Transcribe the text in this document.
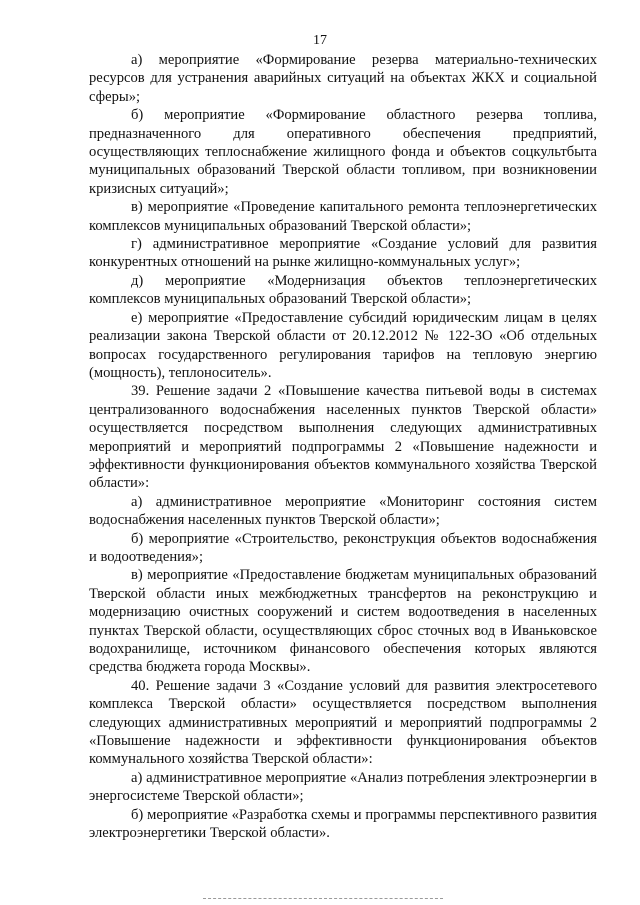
17

а) мероприятие «Формирование резерва материально-технических ресурсов для устранения аварийных ситуаций на объектах ЖКХ и социальной сферы»;

б) мероприятие «Формирование областного резерва топлива, предназначенного для оперативного обеспечения предприятий, осуществляющих теплоснабжение жилищного фонда и объектов соцкультбыта муниципальных образований Тверской области топливом, при возникновении кризисных ситуаций»;

в) мероприятие «Проведение капитального ремонта теплоэнергетических комплексов муниципальных образований Тверской области»;

г) административное мероприятие «Создание условий для развития конкурентных отношений на рынке жилищно-коммунальных услуг»;

д) мероприятие «Модернизация объектов теплоэнергетических комплексов муниципальных образований Тверской области»;

е) мероприятие «Предоставление субсидий юридическим лицам в целях реализации закона Тверской области от 20.12.2012 № 122-ЗО «Об отдельных вопросах государственного регулирования тарифов на тепловую энергию (мощность), теплоноситель».

39. Решение задачи 2 «Повышение качества питьевой воды в системах централизованного водоснабжения населенных пунктов Тверской области» осуществляется посредством выполнения следующих административных мероприятий и мероприятий подпрограммы 2 «Повышение надежности и эффективности функционирования объектов коммунального хозяйства Тверской области»:

а) административное мероприятие «Мониторинг состояния систем водоснабжения населенных пунктов Тверской области»;

б) мероприятие «Строительство, реконструкция объектов водоснабжения и водоотведения»;

в) мероприятие «Предоставление бюджетам муниципальных образований Тверской области иных межбюджетных трансфертов на реконструкцию и модернизацию очистных сооружений и систем водоотведения в населенных пунктах Тверской области, осуществляющих сброс сточных вод в Иваньковское водохранилище, источником финансового обеспечения которых являются средства бюджета города Москвы».

40. Решение задачи 3 «Создание условий для развития электросетевого комплекса Тверской области» осуществляется посредством выполнения следующих административных мероприятий и мероприятий подпрограммы 2 «Повышение надежности и эффективности функционирования объектов коммунального хозяйства Тверской области»:

а) административное мероприятие «Анализ потребления электроэнергии в энергосистеме Тверской области»;

б) мероприятие «Разработка схемы и программы перспективного развития электроэнергетики Тверской области».
